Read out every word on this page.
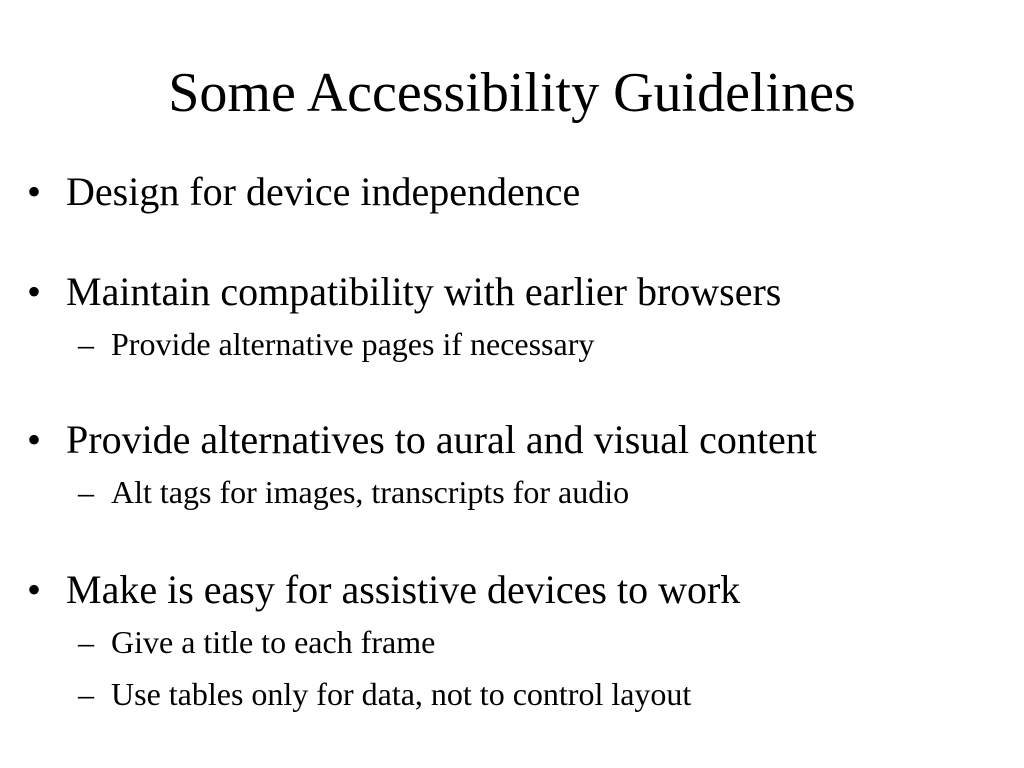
Some Accessibility Guidelines
• Design for device independence
• Maintain compatibility with earlier browsers
– Provide alternative pages if necessary
• Provide alternatives to aural and visual content
– Alt tags for images, transcripts for audio
• Make is easy for assistive devices to work
– Give a title to each frame
– Use tables only for data, not to control layout
